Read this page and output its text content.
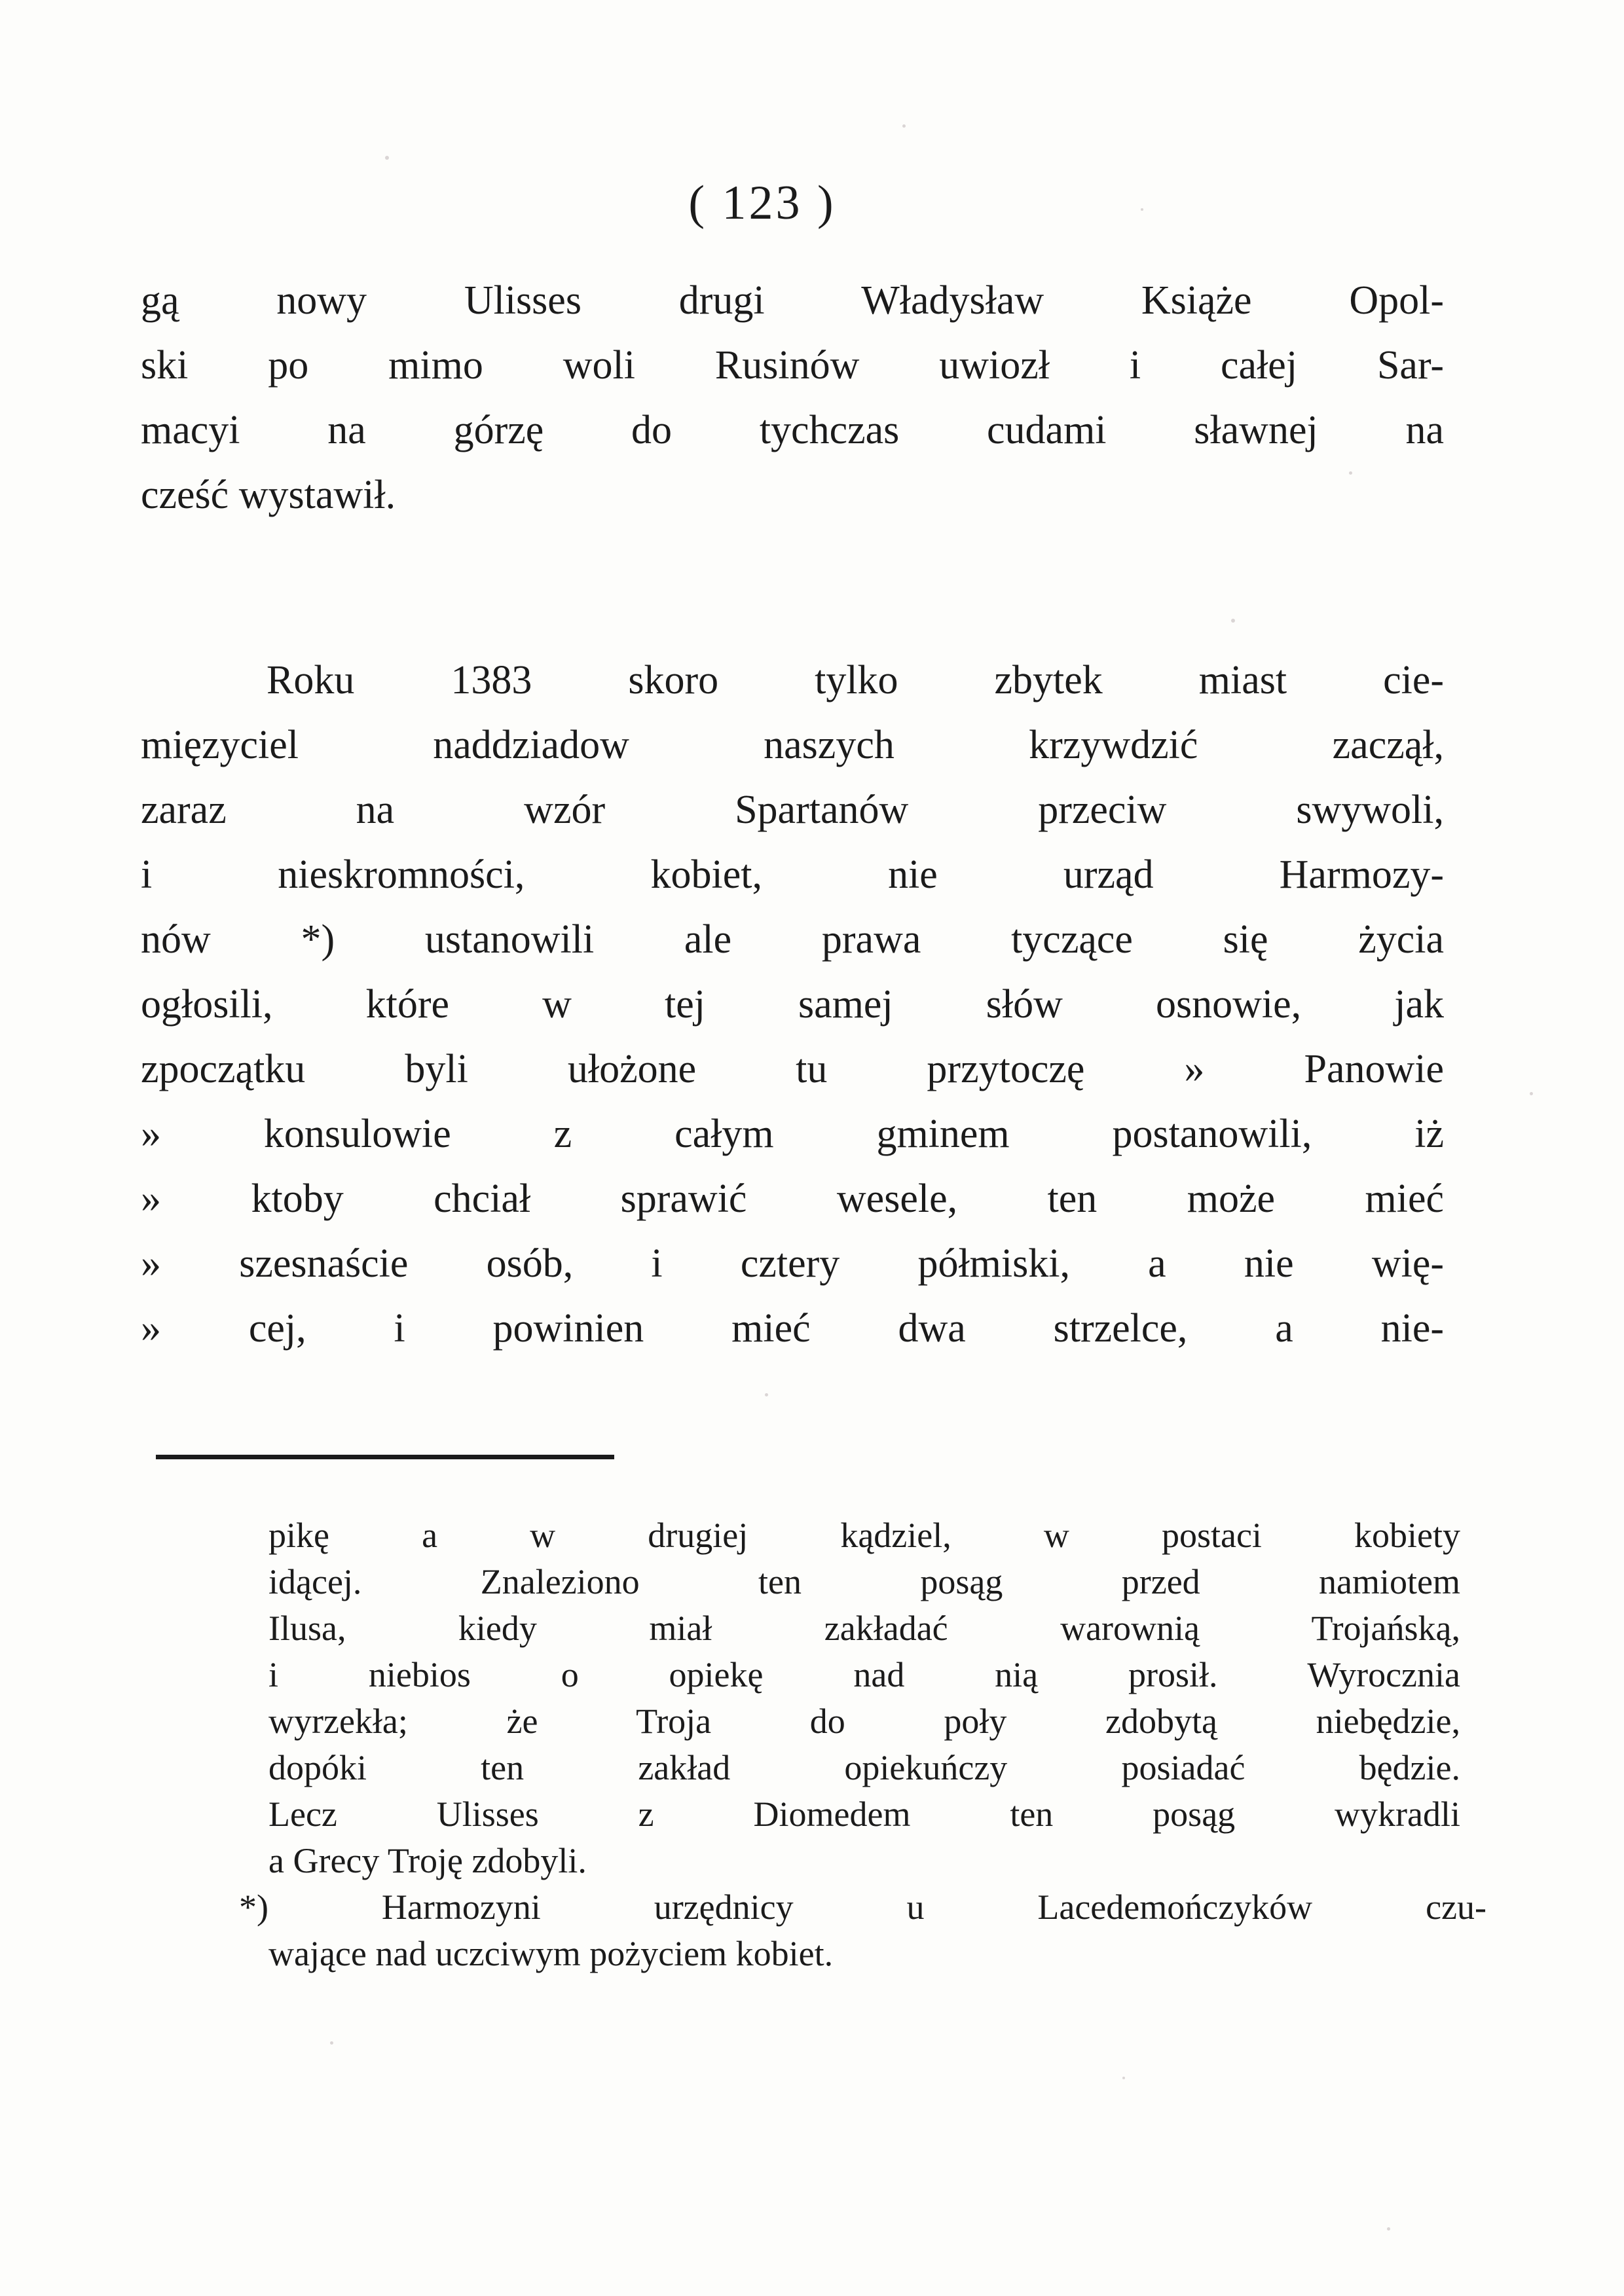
( 123 )
gą nowy Ulisses drugi Władysław Książe Opol-
ski po mimo woli Rusinów uwiozł i całej Sar-
macyi na górzę do tychczas cudami sławnej na
cześć wystawił.
Roku 1383 skoro tylko zbytek miast cie-
mięzyciel naddziadow naszych krzywdzić zaczął,
zaraz na wzór Spartanów przeciw swywoli,
i nieskromności, kobiet, nie urząd Harmozy-
nów *) ustanowili ale prawa tyczące się życia
ogłosili, które w tej samej słów osnowie, jak
zpoczątku byli ułożone tu przytoczę » Panowie
» konsulowie z całym gminem postanowili, iż
» ktoby chciał sprawić wesele, ten może mieć
» szesnaście osób, i cztery półmiski, a nie wię-
» cej, i powinien mieć dwa strzelce, a nie-
pikę a w drugiej kądziel, w postaci kobiety
idącej. Znaleziono ten posąg przed namiotem
Ilusa, kiedy miał zakładać warownią Trojańską,
i niebios o opiekę nad nią prosił. Wyrocznia
wyrzekła; że Troja do poły zdobytą niebędzie,
dopóki ten zakład opiekuńczy posiadać będzie.
Lecz Ulisses z Diomedem ten posąg wykradli
a Grecy Troję zdobyli.
*) Harmozyni urzędnicy u Lacedemończyków czu-
wające nad uczciwym pożyciem kobiet.
